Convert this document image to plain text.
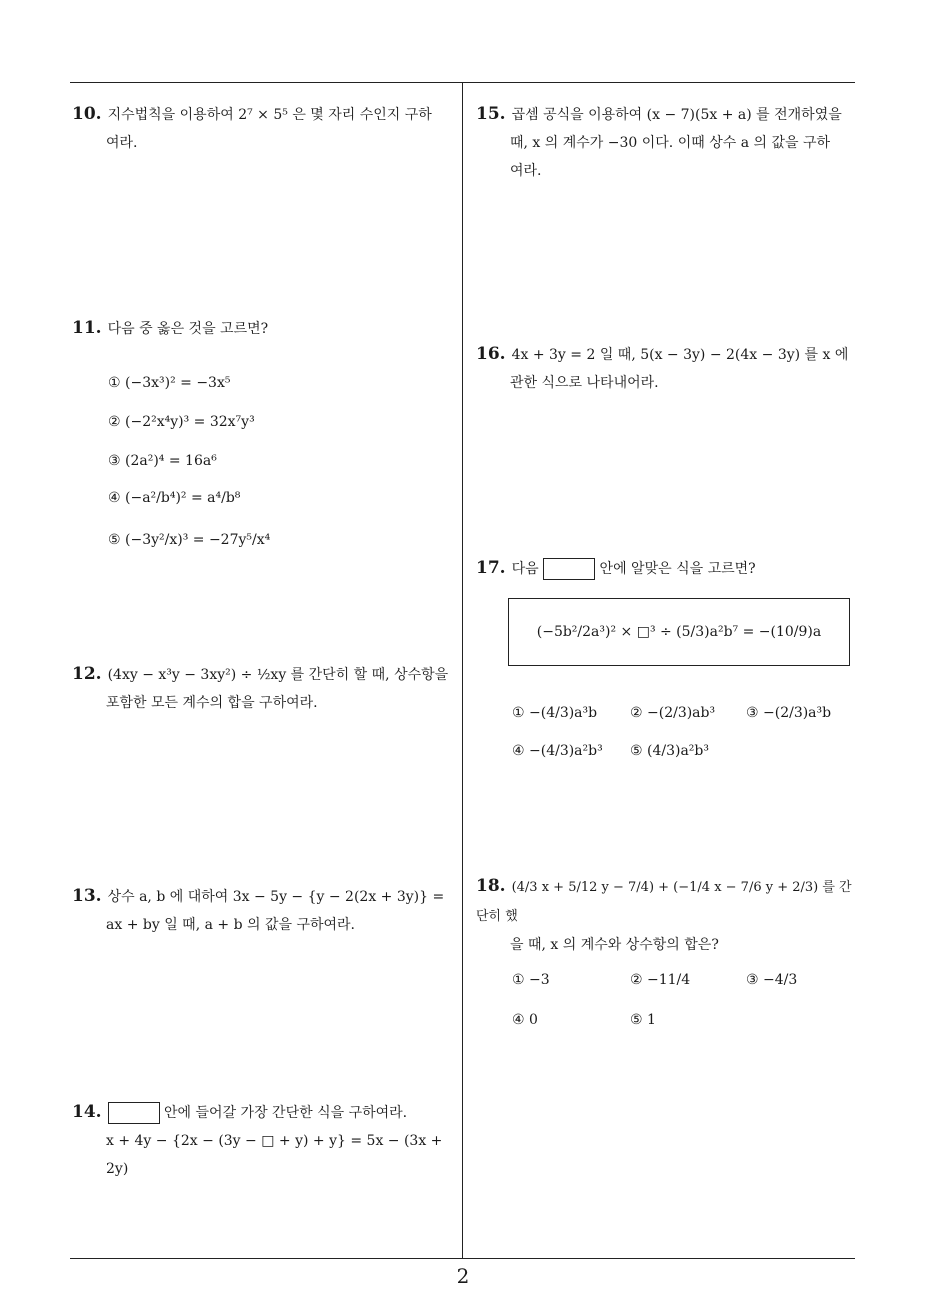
10. 지수법칙을 이용하여 2⁷ × 5⁵ 은 몇 자리 수인지 구하
여라.
11. 다음 중 옳은 것을 고르면?
① (−3x³)² = −3x⁵
② (−2²x⁴y)³ = 32x⁷y³
③ (2a²)⁴ = 16a⁶
④ (−a²/b⁴)² = a⁴/b⁸
⑤ (−3y²/x)³ = −27y⁵/x⁴
12. (4xy − x³y − 3xy²) ÷ ½xy 를 간단히 할 때, 상수항을
포함한 모든 계수의 합을 구하여라.
13. 상수 a, b 에 대하여 3x − 5y − {y − 2(2x + 3y)} =
ax + by 일 때, a + b 의 값을 구하여라.
14.	안에 들어갈 가장 간단한 식을 구하여라.
x + 4y − {2x − (3y − □ + y) + y} = 5x − (3x + 2y)
15. 곱셈 공식을 이용하여 (x − 7)(5x + a) 를 전개하였을
때, x 의 계수가 −30 이다. 이때 상수 a 의 값을 구하
여라.
16. 4x + 3y = 2 일 때, 5(x − 3y) − 2(4x − 3y) 를 x 에
관한 식으로 나타내어라.
17. 다음	안에 알맞은 식을 고르면?
(−5b²/2a³)² × □³ ÷ (5/3)a²b⁷ = −(10/9)a
① −(4/3)a³b ② −(2/3)ab³ ③ −(2/3)a³b
④ −(4/3)a²b³ ⑤ (4/3)a²b³
18. (4/3 x + 5/12 y − 7/4) + (−1/4 x − 7/6 y + 2/3) 를 간단히 했
을 때, x 의 계수와 상수항의 합은?
① −3	② −11/4	③ −4/3
④ 0	⑤ 1
2
